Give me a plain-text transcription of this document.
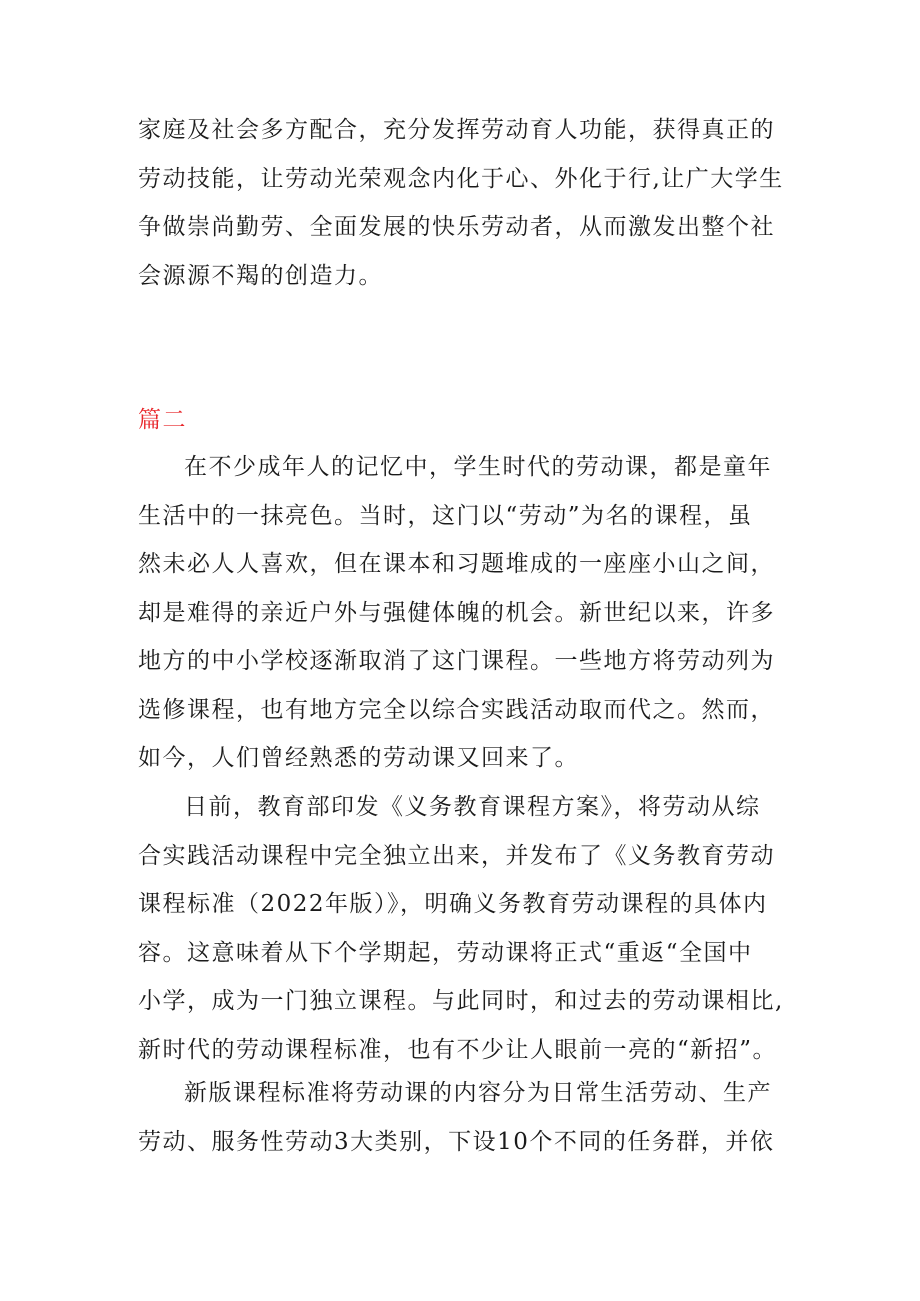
家庭及社会多方配合，充分发挥劳动育人功能，获得真正的
劳动技能，让劳动光荣观念内化于心、外化于行,让广大学生
争做崇尚勤劳、全面发展的快乐劳动者，从而激发出整个社
会源源不羯的创造力。
篇二
在不少成年人的记忆中，学生时代的劳动课，都是童年
生活中的一抹亮色。当时，这门以“劳动”为名的课程，虽
然未必人人喜欢，但在课本和习题堆成的一座座小山之间，
却是难得的亲近户外与强健体魄的机会。新世纪以来，许多
地方的中小学校逐渐取消了这门课程。一些地方将劳动列为
选修课程，也有地方完全以综合实践活动取而代之。然而，
如今，人们曾经熟悉的劳动课又回来了。
日前，教育部印发《义务教育课程方案》，将劳动从综
合实践活动课程中完全独立出来，并发布了《义务教育劳动
课程标准（2022年版）》，明确义务教育劳动课程的具体内
容。这意味着从下个学期起，劳动课将正式“重返“全国中
小学，成为一门独立课程。与此同时，和过去的劳动课相比,
新时代的劳动课程标准，也有不少让人眼前一亮的“新招”。
新版课程标准将劳动课的内容分为日常生活劳动、生产
劳动、服务性劳动3大类别，下设10个不同的任务群，并依
